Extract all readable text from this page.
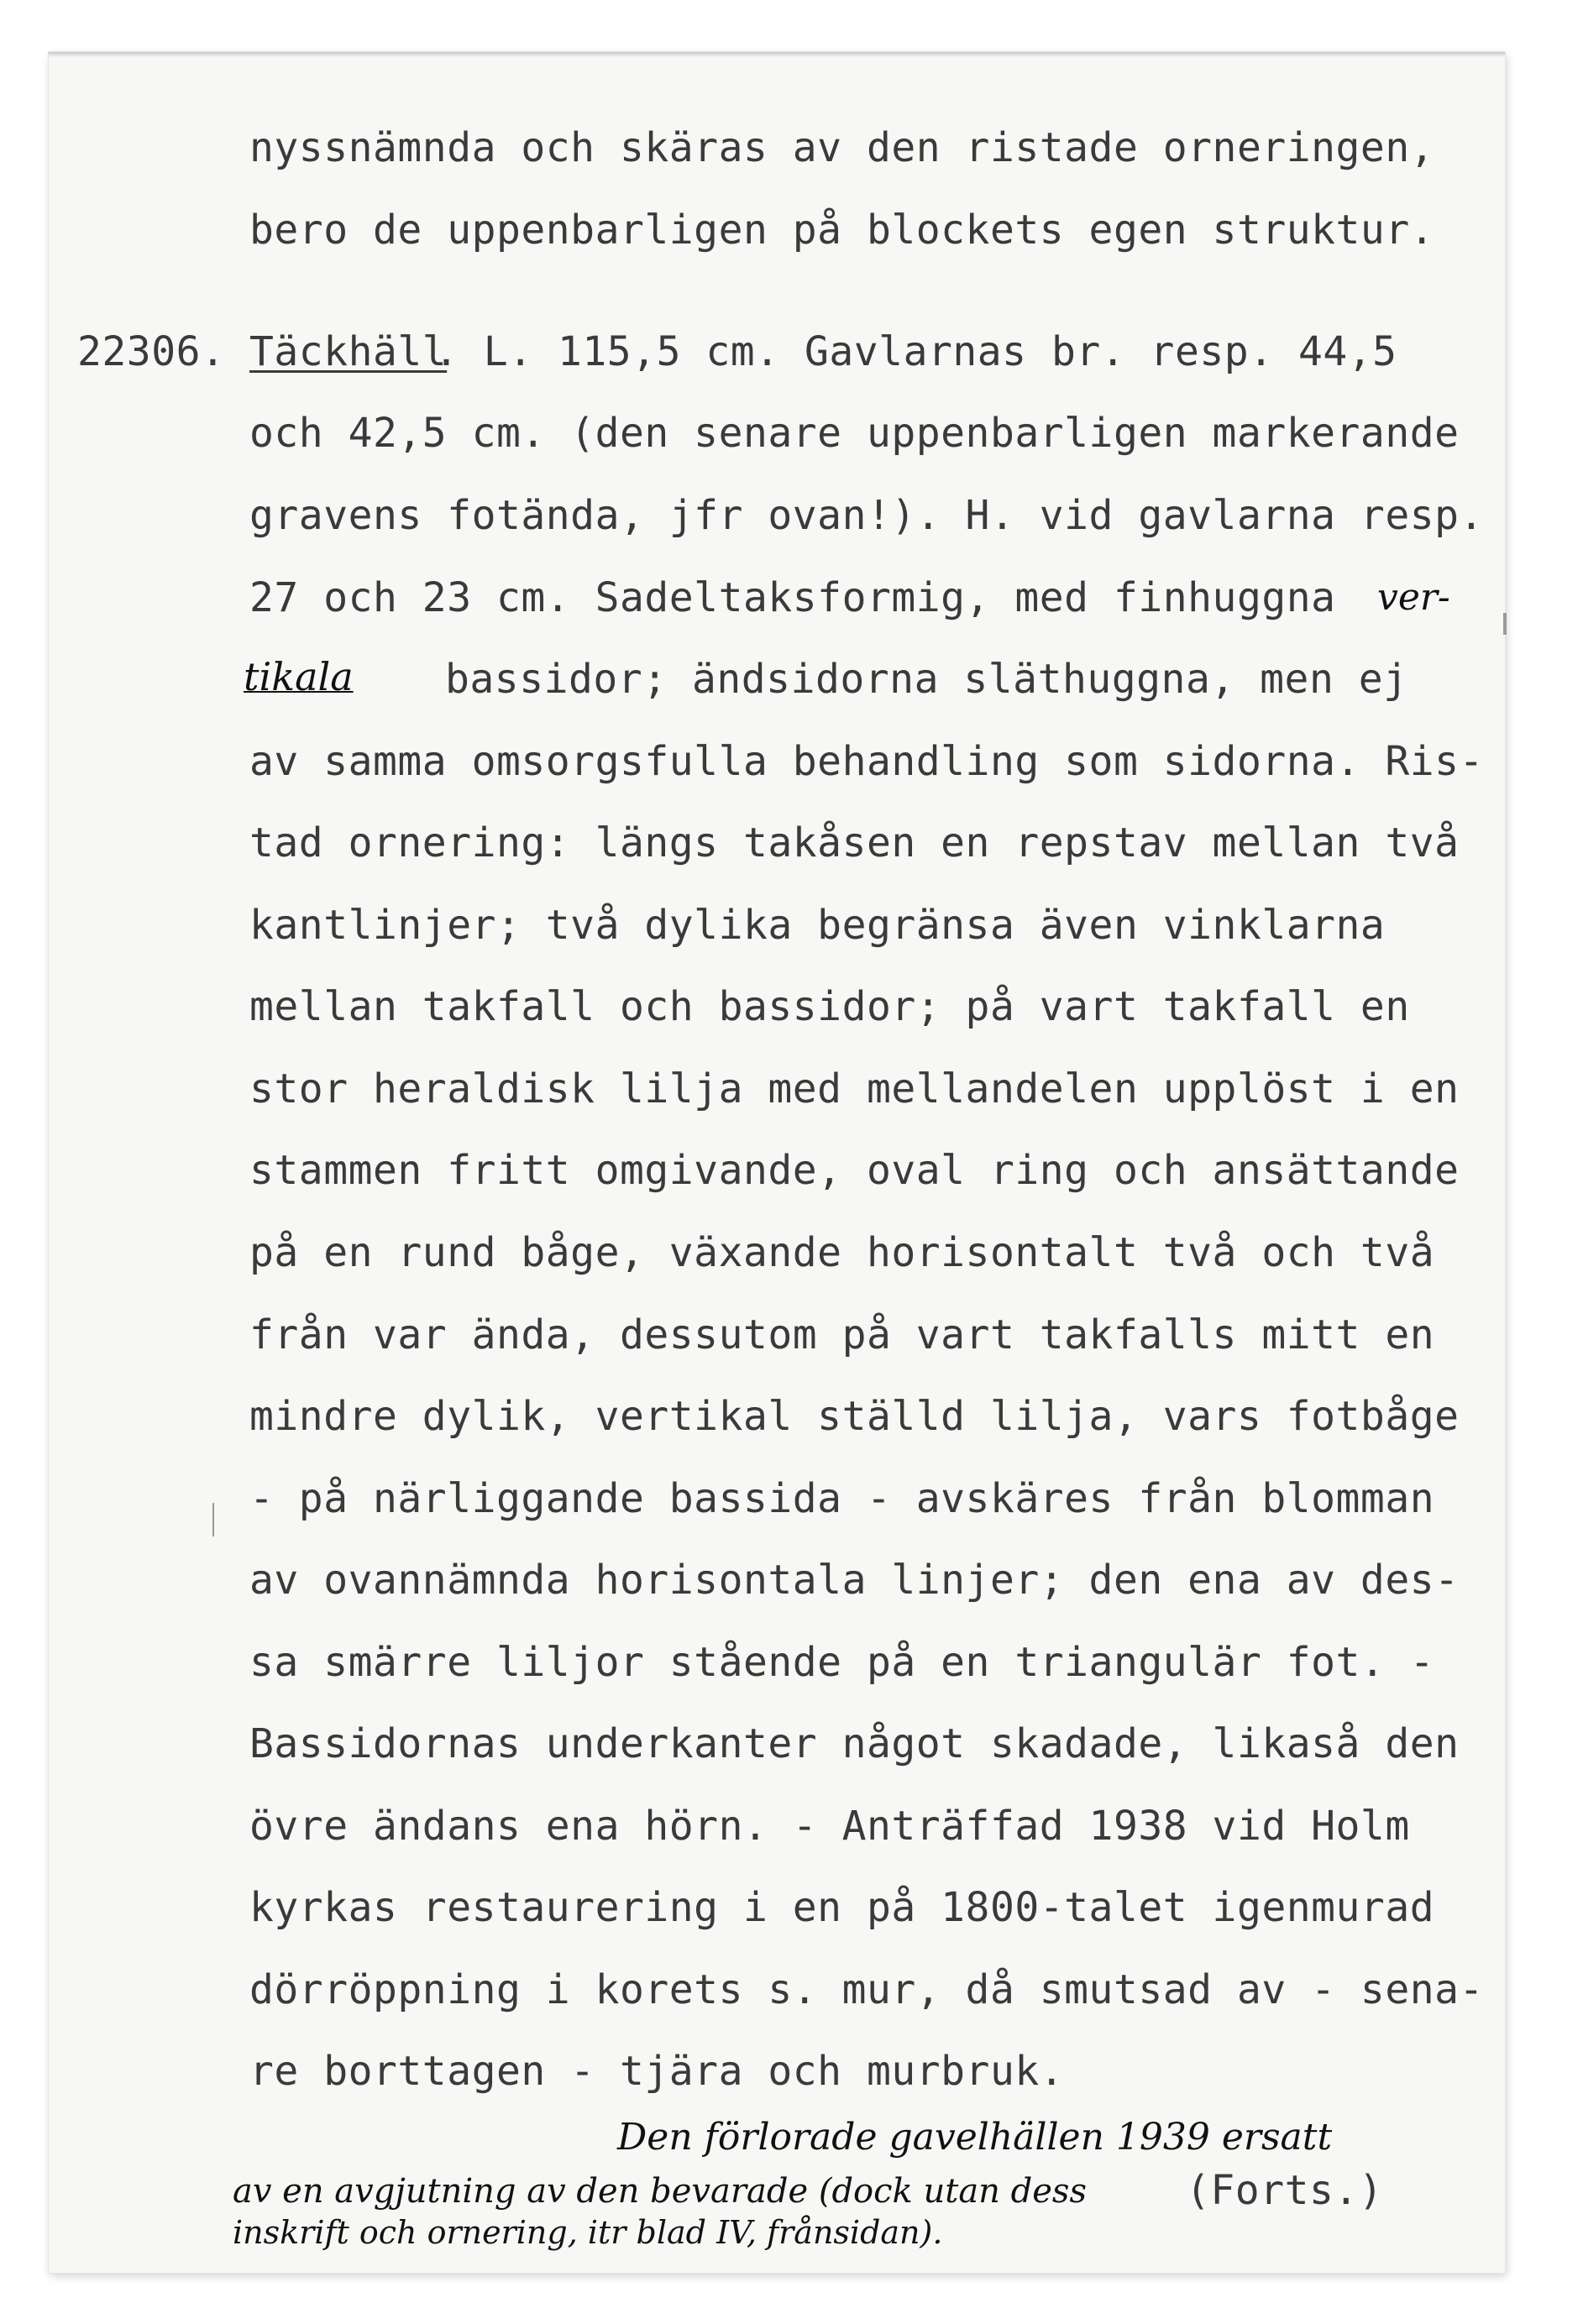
nyssnämnda och skäras av den ristade orneringen,
bero de uppenbarligen på blockets egen struktur.
22306. Täckhäll
. L. 115,5 cm. Gavlarnas br. resp. 44,5
och 42,5 cm. (den senare uppenbarligen markerande
gravens fotända, jfr ovan!). H. vid gavlarna resp.
27 och 23 cm. Sadeltaksformig, med finhuggna ver-
tikala bassidor; ändsidorna släthuggna, men ej
av samma omsorgsfulla behandling som sidorna. Ris-
tad ornering: längs takåsen en repstav mellan två
kantlinjer; två dylika begränsa även vinklarna
mellan takfall och bassidor; på vart takfall en
stor heraldisk lilja med mellandelen upplöst i en
stammen fritt omgivande, oval ring och ansättande
på en rund båge, växande horisontalt två och två
från var ända, dessutom på vart takfalls mitt en
mindre dylik, vertikal ställd lilja, vars fotbåge
- på närliggande bassida - avskäres från blomman
av ovannämnda horisontala linjer; den ena av des-
sa smärre liljor stående på en triangulär fot. -
Bassidornas underkanter något skadade, likaså den
övre ändans ena hörn. - Anträffad 1938 vid Holm
kyrkas restaurering i en på 1800-talet igenmurad
dörröppning i korets s. mur, då smutsad av - sena-
re borttagen - tjära och murbruk.
Den förlorade gavelhällen 1939 ersatt
av en avgjutning av den bevarade (dock utan dess (Forts.)
inskrift och ornering, itr blad IV, frånsidan).
